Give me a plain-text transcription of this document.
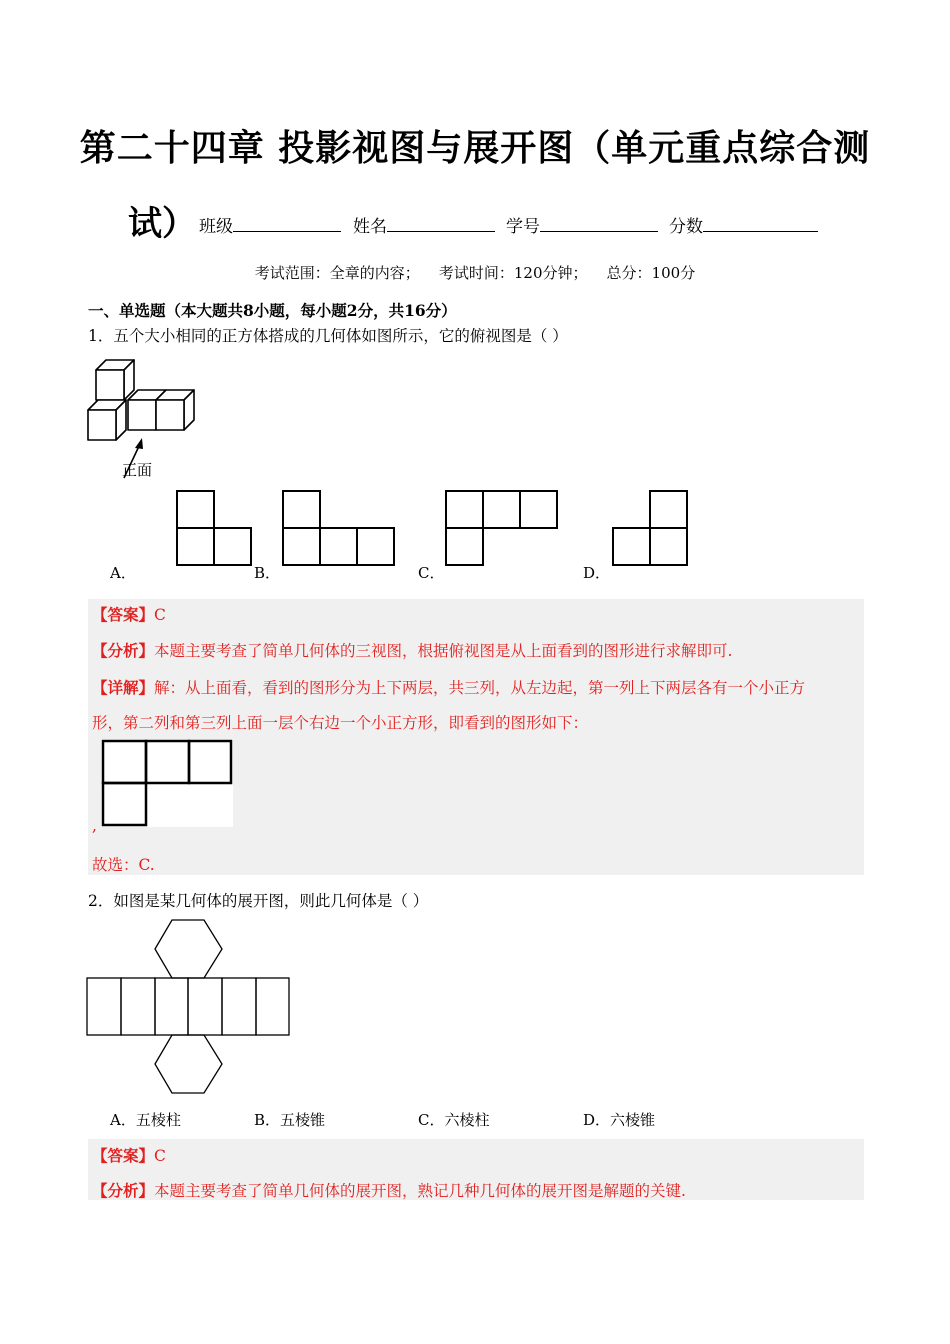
第二十四章 投影视图与展开图（单元重点综合测
试） 班级	姓名	学号	分数
考试范围：全章的内容；    考试时间：120分钟；    总分：100分
一、单选题（本大题共8小题，每小题2分，共16分）
1．五个大小相同的正方体搭成的几何体如图所示，它的俯视图是（ ）
正面
A．	B．	C．	D．
【答案】C
【分析】本题主要考查了简单几何体的三视图，根据俯视图是从上面看到的图形进行求解即可.
【详解】解：从上面看，看到的图形分为上下两层，共三列，从左边起，第一列上下两层各有一个小正方
形，第二列和第三列上面一层个右边一个小正方形，即看到的图形如下：
,
故选：C.
2．如图是某几何体的展开图，则此几何体是（ ）
A．五棱柱	B．五棱锥	C．六棱柱	D．六棱锥
【答案】C
【分析】本题主要考查了简单几何体的展开图，熟记几种几何体的展开图是解题的关键.
